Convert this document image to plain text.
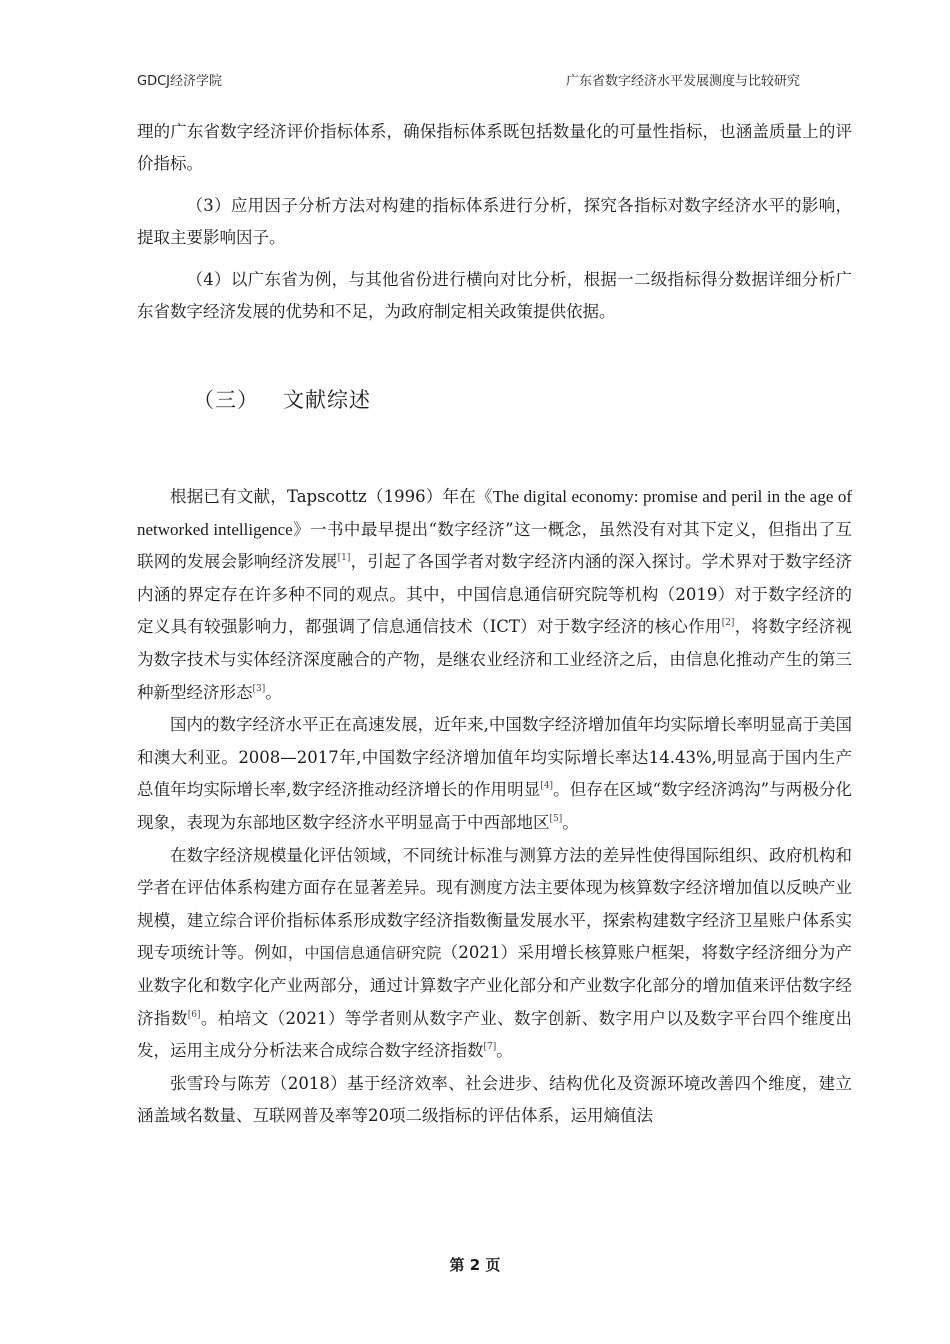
GDCJ经济学院	广东省数字经济水平发展测度与比较研究
理的广东省数字经济评价指标体系，确保指标体系既包括数量化的可量性指标，也涵盖质量上的评价指标。
（3）应用因子分析方法对构建的指标体系进行分析，探究各指标对数字经济水平的影响，提取主要影响因子。
（4）以广东省为例，与其他省份进行横向对比分析，根据一二级指标得分数据详细分析广东省数字经济发展的优势和不足，为政府制定相关政策提供依据。
（三） 文献综述

根据已有文献，Tapscottz（1996）年在《The digital economy: promise and peril in the age of networked intelligence》一书中最早提出“数字经济”这一概念，虽然没有对其下定义，但指出了互联网的发展会影响经济发展[1]，引起了各国学者对数字经济内涵的深入探讨。学术界对于数字经济内涵的界定存在许多种不同的观点。其中，中国信息通信研究院等机构（2019）对于数字经济的定义具有较强影响力，都强调了信息通信技术（ICT）对于数字经济的核心作用[2]，将数字经济视为数字技术与实体经济深度融合的产物，是继农业经济和工业经济之后，由信息化推动产生的第三种新型经济形态[3]。

国内的数字经济水平正在高速发展，近年来,中国数字经济增加值年均实际增长率明显高于美国和澳大利亚。2008—2017年,中国数字经济增加值年均实际增长率达14.43%,明显高于国内生产总值年均实际增长率,数字经济推动经济增长的作用明显[4]。但存在区域“数字经济鸿沟”与两极分化现象，表现为东部地区数字经济水平明显高于中西部地区[5]。

在数字经济规模量化评估领域，不同统计标准与测算方法的差异性使得国际组织、政府机构和学者在评估体系构建方面存在显著差异。现有测度方法主要体现为核算数字经济增加值以反映产业规模，建立综合评价指标体系形成数字经济指数衡量发展水平，探索构建数字经济卫星账户体系实现专项统计等。例如，中国信息通信研究院（2021）采用增长核算账户框架，将数字经济细分为产业数字化和数字化产业两部分，通过计算数字产业化部分和产业数字化部分的增加值来评估数字经济指数[6]。柏培文（2021）等学者则从数字产业、数字创新、数字用户以及数字平台四个维度出发，运用主成分分析法来合成综合数字经济指数[7]。

张雪玲与陈芳（2018）基于经济效率、社会进步、结构优化及资源环境改善四个维度，建立涵盖域名数量、互联网普及率等20项二级指标的评估体系，运用熵值法

第 2 页
